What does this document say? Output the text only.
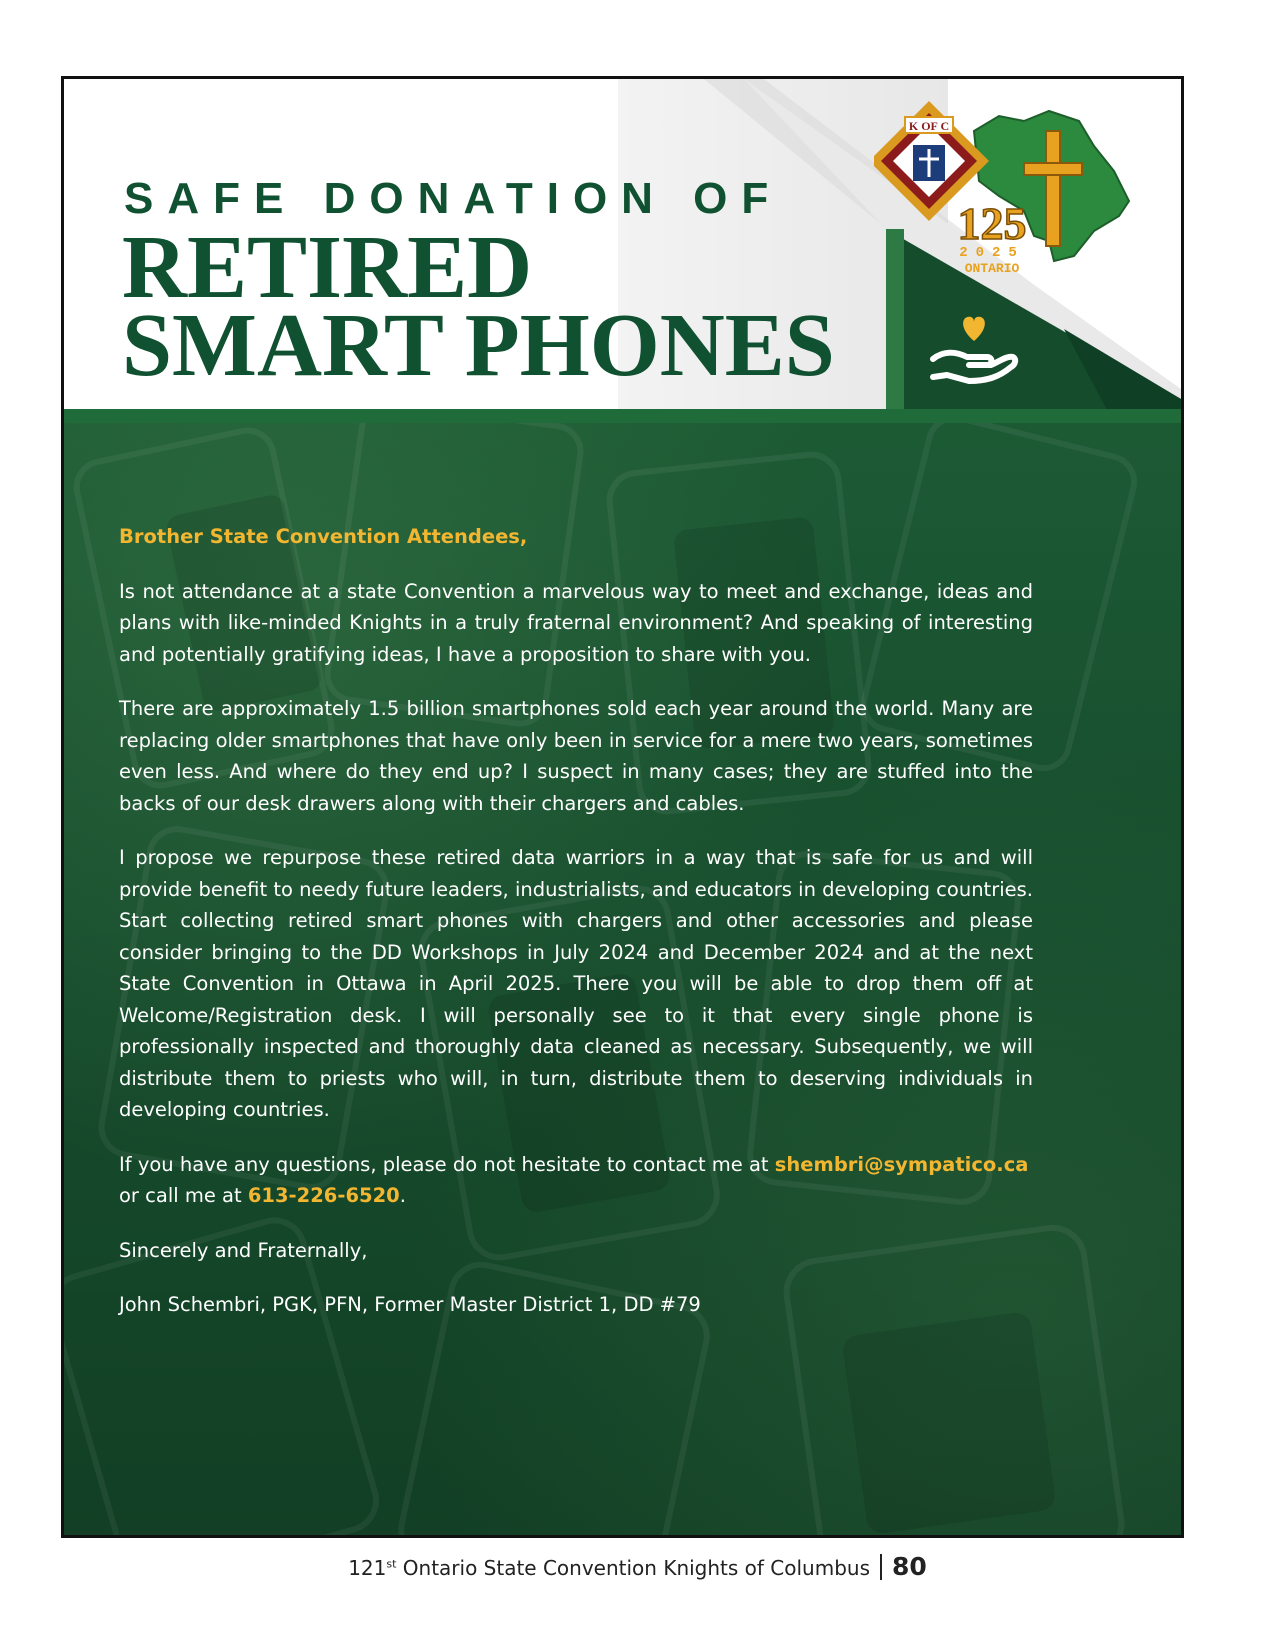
SAFE DONATION OF
RETIRED
SMART PHONES
K OF C
125
2025
ONTARIO

Brother State Convention Attendees,

Is not attendance at a state Convention a marvelous way to meet and exchange, ideas and plans with like-minded Knights in a truly fraternal environment? And speaking of interesting and potentially gratifying ideas, I have a proposition to share with you.

There are approximately 1.5 billion smartphones sold each year around the world. Many are replacing older smartphones that have only been in service for a mere two years, sometimes even less. And where do they end up? I suspect in many cases; they are stuffed into the backs of our desk drawers along with their chargers and cables.

I propose we repurpose these retired data warriors in a way that is safe for us and will provide benefit to needy future leaders, industrialists, and educators in developing countries. Start collecting retired smart phones with chargers and other accessories and please consider bringing to the DD Workshops in July 2024 and December 2024 and at the next State Convention in Ottawa in April 2025. There you will be able to drop them off at Welcome/Registration desk. I will personally see to it that every single phone is professionally inspected and thoroughly data cleaned as necessary. Subsequently, we will distribute them to priests who will, in turn, distribute them to deserving individuals in developing countries.

If you have any questions, please do not hesitate to contact me at shembri@sympatico.ca
or call me at 613-226-6520.

Sincerely and Fraternally,

John Schembri, PGK, PFN, Former Master District 1, DD #79

121st Ontario State Convention Knights of Columbus 80
